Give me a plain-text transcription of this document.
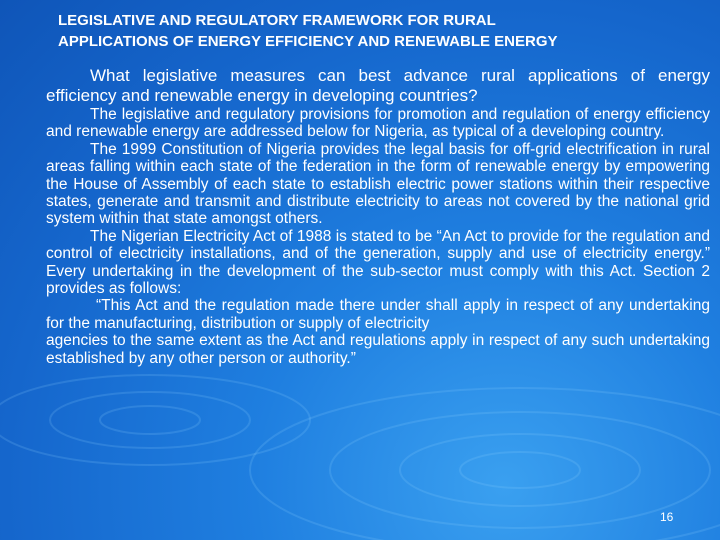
LEGISLATIVE AND REGULATORY FRAMEWORK FOR RURAL
APPLICATIONS OF ENERGY EFFICIENCY AND RENEWABLE ENERGY

What legislative measures can best advance rural applications of energy efficiency and renewable energy in developing countries?

The legislative and regulatory provisions for promotion and regulation of energy efficiency and renewable energy are addressed below for Nigeria, as typical of a developing country.

The 1999 Constitution of Nigeria provides the legal basis for off-grid electrification in rural areas falling within each state of the federation in the form of renewable energy by empowering the House of Assembly of each state to establish electric power stations within their respective states, generate and transmit and distribute electricity to areas not covered by the national grid system within that state amongst others.

The Nigerian Electricity Act of 1988 is stated to be “An Act to provide for the regulation and control of electricity installations, and of the generation, supply and use of electricity energy.” Every undertaking in the development of the sub-sector must comply with this Act. Section 2 provides as follows:

“This Act and the regulation made there under shall apply in respect of any undertaking for the manufacturing, distribution or supply of electricity

agencies to the same extent as the Act and regulations apply in respect of any such undertaking established by any other person or authority.”

16
